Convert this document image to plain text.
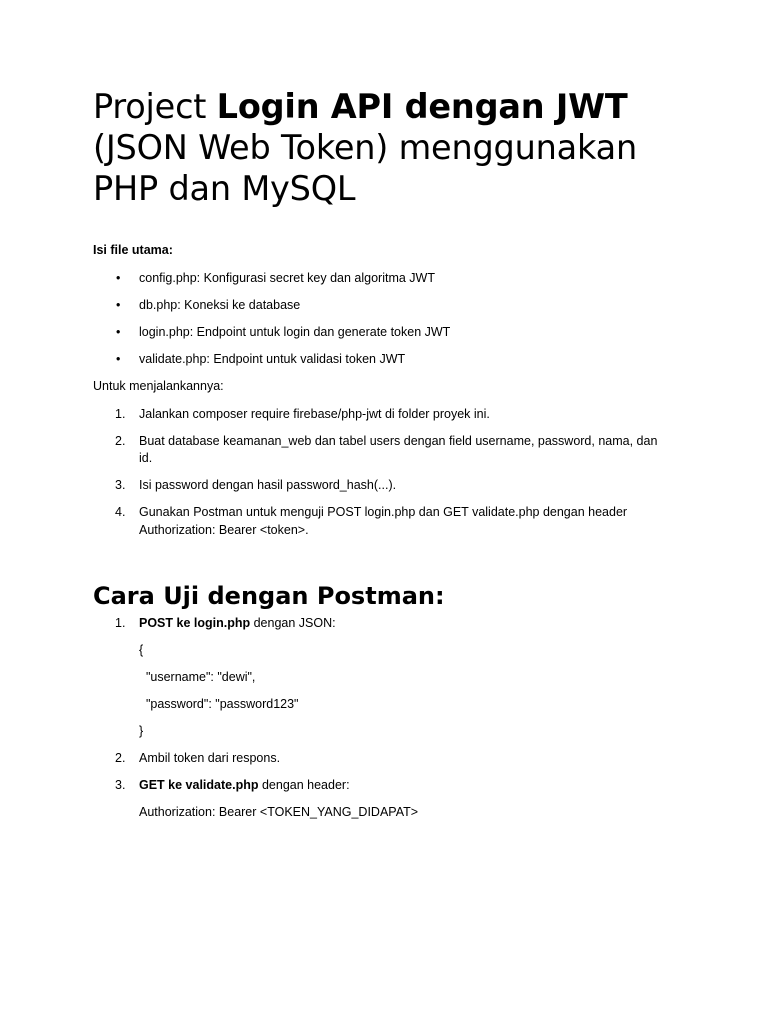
Project Login API dengan JWT (JSON Web Token) menggunakan PHP dan MySQL

Isi file utama:

• config.php: Konfigurasi secret key dan algoritma JWT
• db.php: Koneksi ke database
• login.php: Endpoint untuk login dan generate token JWT
• validate.php: Endpoint untuk validasi token JWT

Untuk menjalankannya:

1. Jalankan composer require firebase/php-jwt di folder proyek ini.
2. Buat database keamanan_web dan tabel users dengan field username, password, nama, dan id.
3. Isi password dengan hasil password_hash(...).
4. Gunakan Postman untuk menguji POST login.php dan GET validate.php dengan header Authorization: Bearer <token>.
Cara Uji dengan Postman:
1. POST ke login.php dengan JSON:
{
"username": "dewi",
"password": "password123"
}
2. Ambil token dari respons.
3. GET ke validate.php dengan header:
Authorization: Bearer <TOKEN_YANG_DIDAPAT>
